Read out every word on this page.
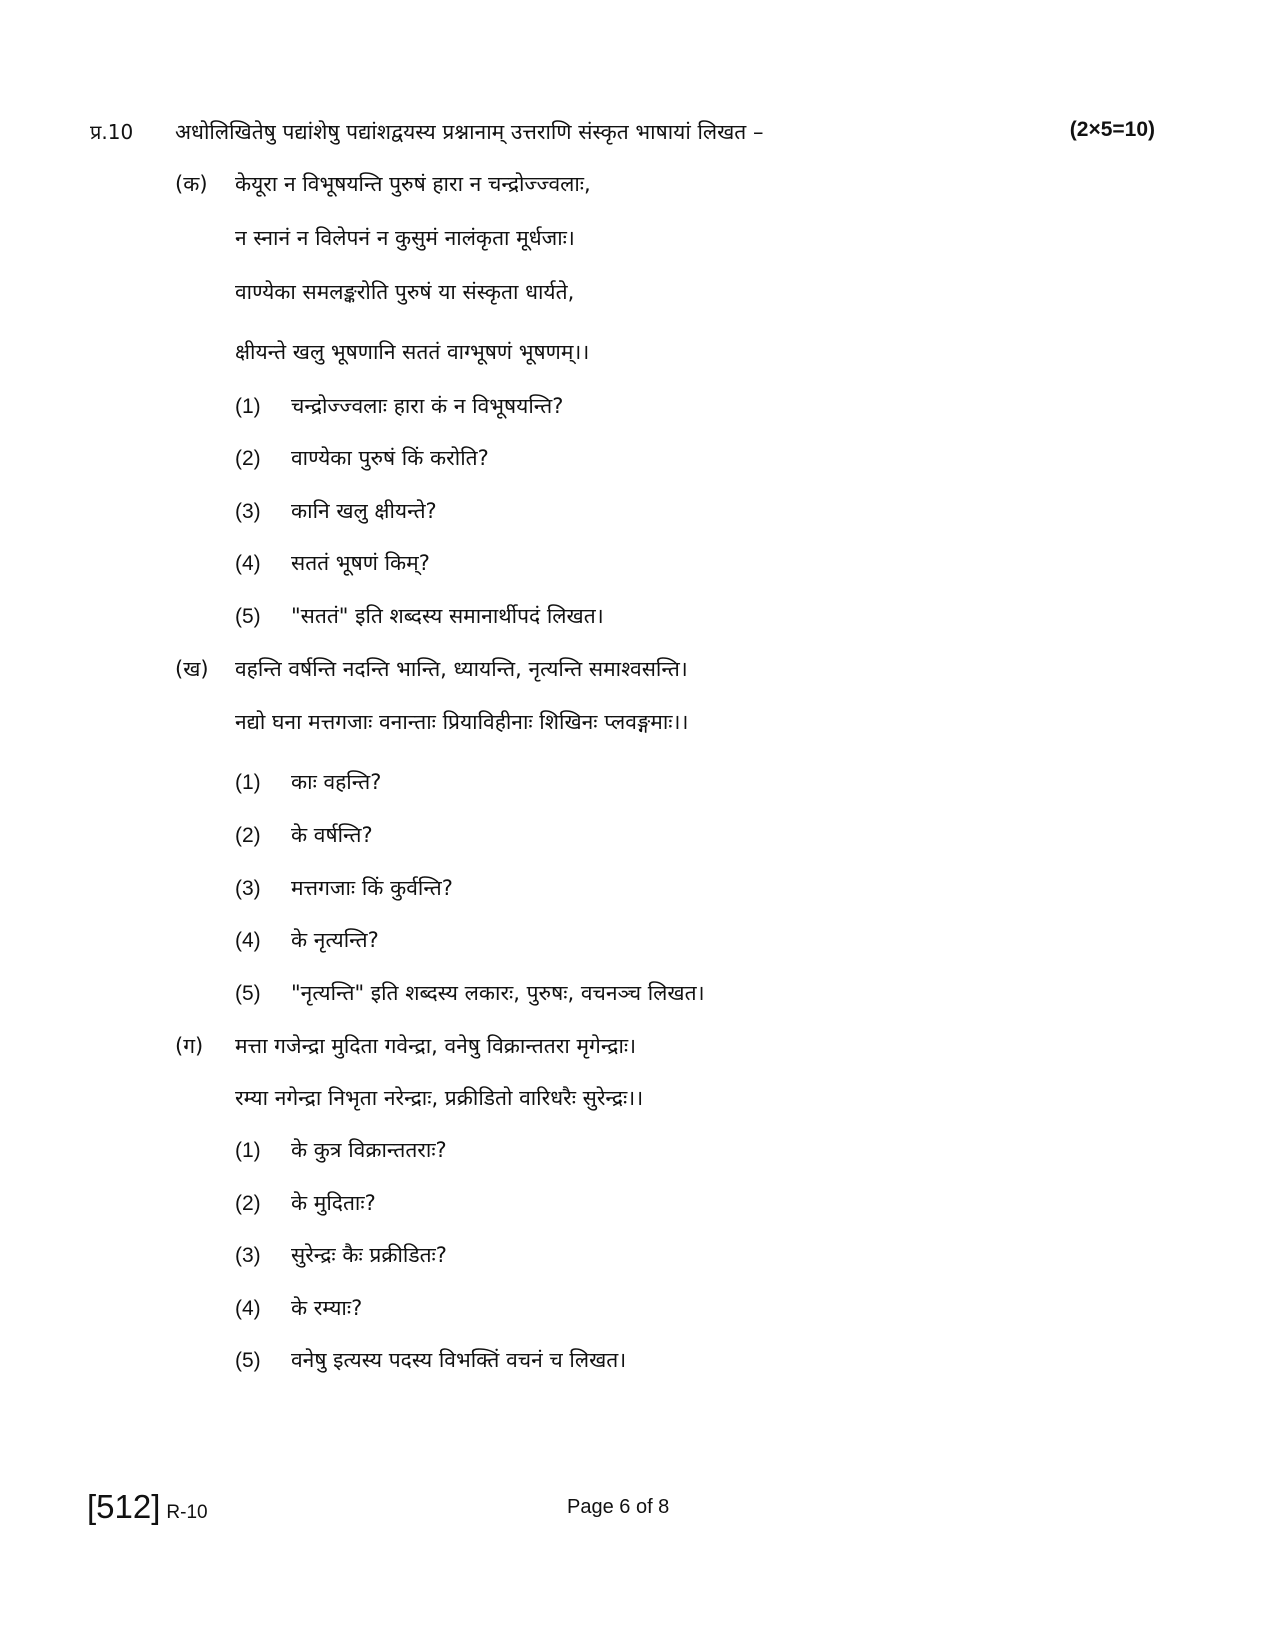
प्र.10 अधोलिखितेषु पद्यांशेषु पद्यांशद्वयस्य प्रश्नानाम् उत्तराणि संस्कृत भाषायां लिखत –	(2×5=10)
(क) केयूरा न विभूषयन्ति पुरुषं हारा न चन्द्रोज्ज्वलाः,
न स्नानं न विलेपनं न कुसुमं नालंकृता मूर्धजाः।
वाण्येका समलङ्करोति पुरुषं या संस्कृता धार्यते,
क्षीयन्ते खलु भूषणानि सततं वाग्भूषणं भूषणम्।।
(1) चन्द्रोज्ज्वलाः हारा कं न विभूषयन्ति?
(2) वाण्येका पुरुषं किं करोति?
(3) कानि खलु क्षीयन्ते?
(4) सततं भूषणं किम्?
(5) "सततं" इति शब्दस्य समानार्थीपदं लिखत।
(ख) वहन्ति वर्षन्ति नदन्ति भान्ति, ध्यायन्ति, नृत्यन्ति समाश्वसन्ति।
नद्यो घना मत्तगजाः वनान्ताः प्रियाविहीनाः शिखिनः प्लवङ्गमाः।।
(1) काः वहन्ति?
(2) के वर्षन्ति?
(3) मत्तगजाः किं कुर्वन्ति?
(4) के नृत्यन्ति?
(5) "नृत्यन्ति" इति शब्दस्य लकारः, पुरुषः, वचनञ्च लिखत।
(ग) मत्ता गजेन्द्रा मुदिता गवेन्द्रा, वनेषु विक्रान्ततरा मृगेन्द्राः।
रम्या नगेन्द्रा निभृता नरेन्द्राः, प्रक्रीडितो वारिधरैः सुरेन्द्रः।।
(1) के कुत्र विक्रान्ततराः?
(2) के मुदिताः?
(3) सुरेन्द्रः कैः प्रक्रीडितः?
(4) के रम्याः?
(5) वनेषु इत्यस्य पदस्य विभक्तिं वचनं च लिखत।
[512] R-10	Page 6 of 8
